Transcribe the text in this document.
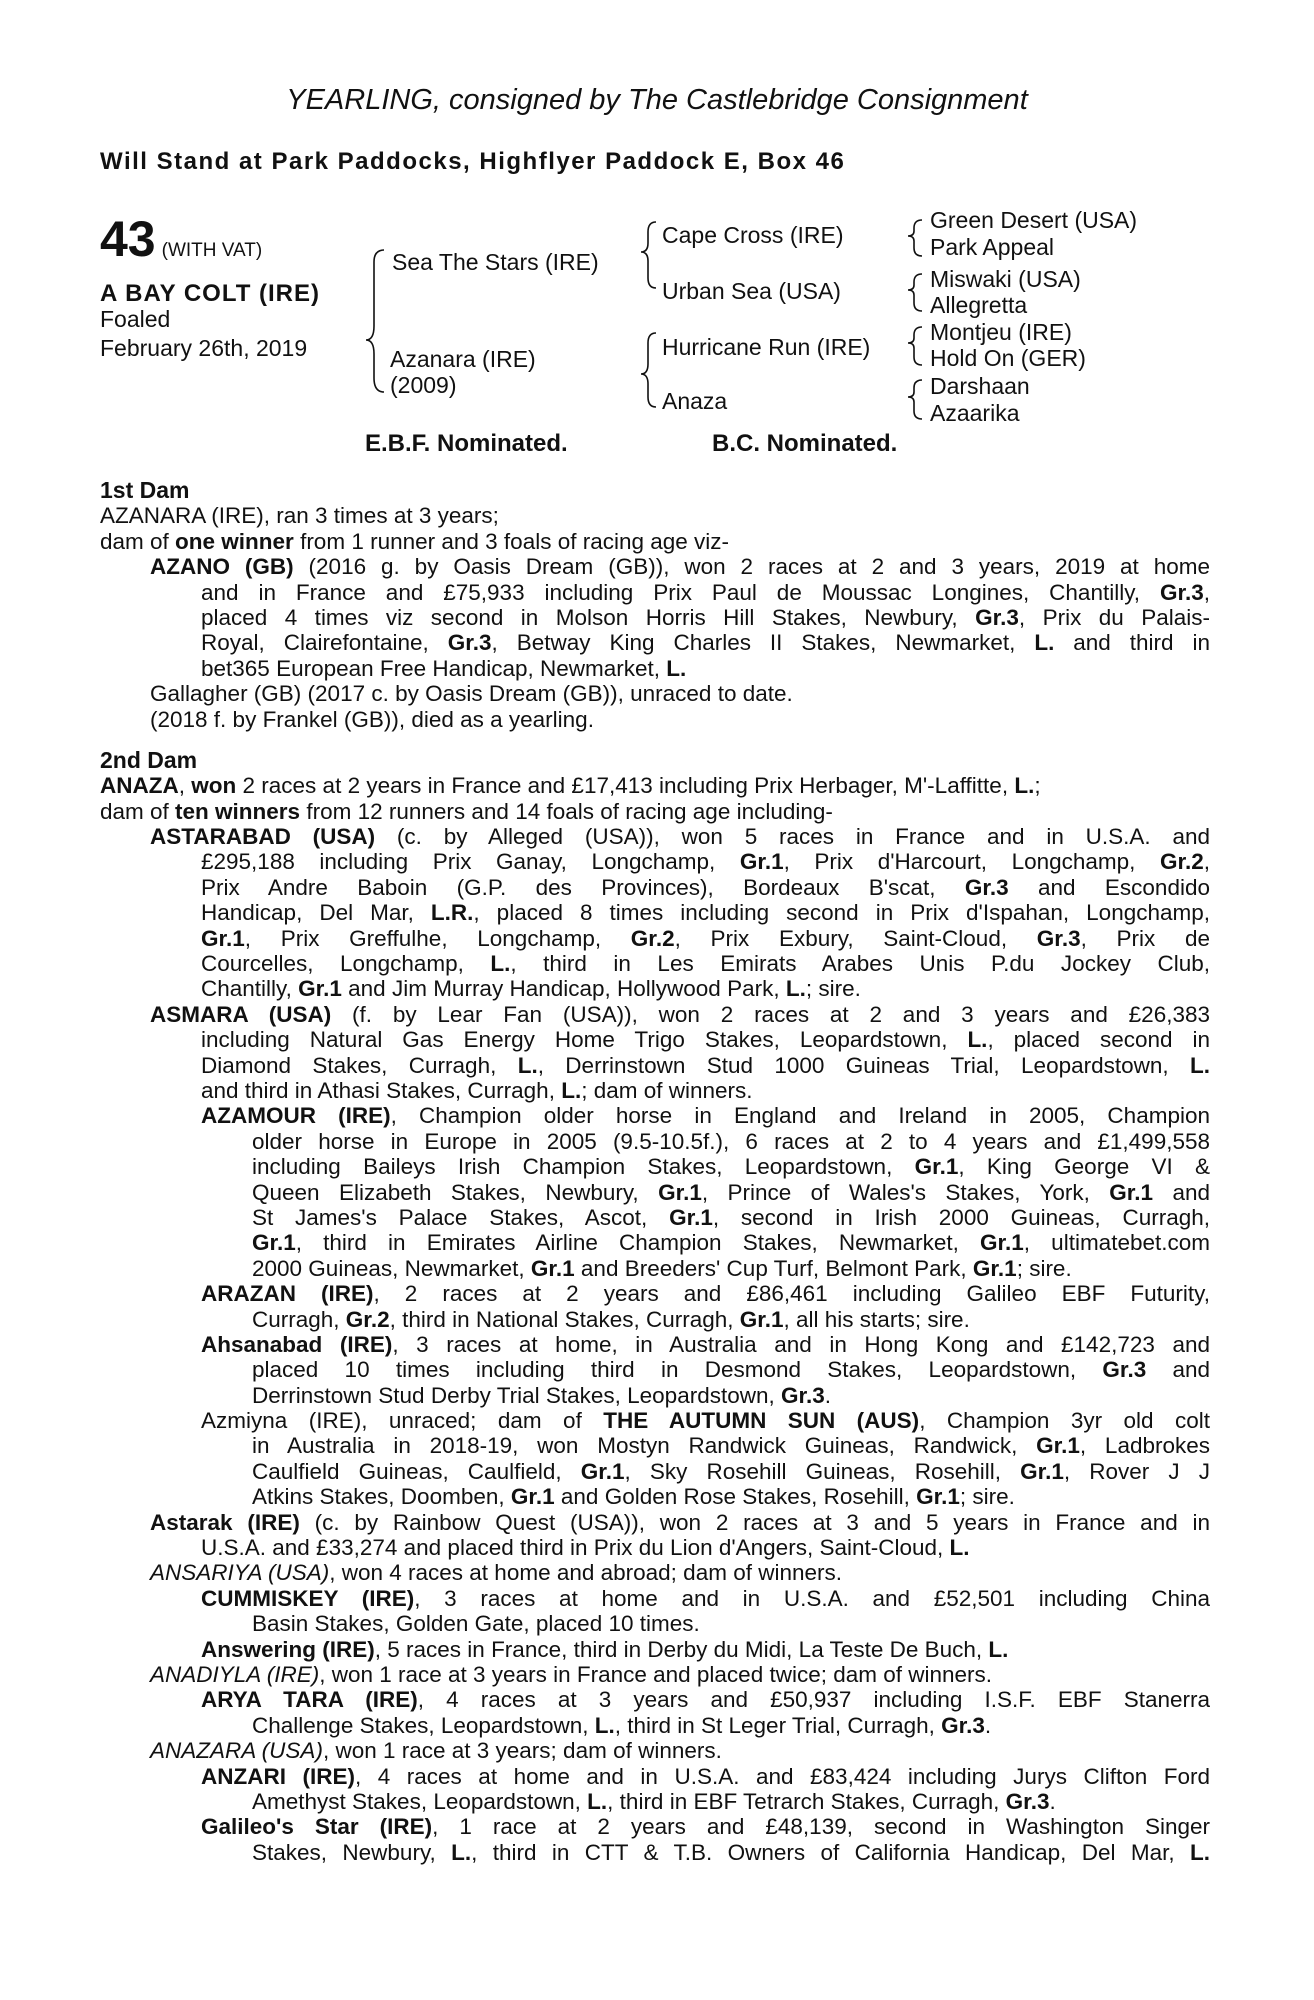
YEARLING, consigned by The Castlebridge Consignment
Will Stand at Park Paddocks, Highflyer Paddock E, Box 46
43 (WITH VAT)
A BAY COLT (IRE)
Foaled
February 26th, 2019
Sea The Stars (IRE)
Azanara (IRE)
(2009)
Cape Cross (IRE)
Urban Sea (USA)
Hurricane Run (IRE)
Anaza
Green Desert (USA)
Park Appeal
Miswaki (USA)
Allegretta
Montjeu (IRE)
Hold On (GER)
Darshaan
Azaarika
E.B.F. Nominated.	B.C. Nominated.
1st Dam
AZANARA (IRE), ran 3 times at 3 years;
dam of one winner from 1 runner and 3 foals of racing age viz-
AZANO (GB) (2016 g. by Oasis Dream (GB)), won 2 races at 2 and 3 years, 2019 at home
and in France and £75,933 including Prix Paul de Moussac Longines, Chantilly, Gr.3,
placed 4 times viz second in Molson Horris Hill Stakes, Newbury, Gr.3, Prix du Palais-
Royal, Clairefontaine, Gr.3, Betway King Charles II Stakes, Newmarket, L. and third in
bet365 European Free Handicap, Newmarket, L.
Gallagher (GB) (2017 c. by Oasis Dream (GB)), unraced to date.
(2018 f. by Frankel (GB)), died as a yearling.
2nd Dam
ANAZA, won 2 races at 2 years in France and £17,413 including Prix Herbager, M'-Laffitte, L.;
dam of ten winners from 12 runners and 14 foals of racing age including-
ASTARABAD (USA) (c. by Alleged (USA)), won 5 races in France and in U.S.A. and
£295,188 including Prix Ganay, Longchamp, Gr.1, Prix d'Harcourt, Longchamp, Gr.2,
Prix Andre Baboin (G.P. des Provinces), Bordeaux B'scat, Gr.3 and Escondido
Handicap, Del Mar, L.R., placed 8 times including second in Prix d'Ispahan, Longchamp,
Gr.1, Prix Greffulhe, Longchamp, Gr.2, Prix Exbury, Saint-Cloud, Gr.3, Prix de
Courcelles, Longchamp, L., third in Les Emirats Arabes Unis P.du Jockey Club,
Chantilly, Gr.1 and Jim Murray Handicap, Hollywood Park, L.; sire.
ASMARA (USA) (f. by Lear Fan (USA)), won 2 races at 2 and 3 years and £26,383
including Natural Gas Energy Home Trigo Stakes, Leopardstown, L., placed second in
Diamond Stakes, Curragh, L., Derrinstown Stud 1000 Guineas Trial, Leopardstown, L.
and third in Athasi Stakes, Curragh, L.; dam of winners.
AZAMOUR (IRE), Champion older horse in England and Ireland in 2005, Champion
older horse in Europe in 2005 (9.5-10.5f.), 6 races at 2 to 4 years and £1,499,558
including Baileys Irish Champion Stakes, Leopardstown, Gr.1, King George VI &
Queen Elizabeth Stakes, Newbury, Gr.1, Prince of Wales's Stakes, York, Gr.1 and
St James's Palace Stakes, Ascot, Gr.1, second in Irish 2000 Guineas, Curragh,
Gr.1, third in Emirates Airline Champion Stakes, Newmarket, Gr.1, ultimatebet.com
2000 Guineas, Newmarket, Gr.1 and Breeders' Cup Turf, Belmont Park, Gr.1; sire.
ARAZAN (IRE), 2 races at 2 years and £86,461 including Galileo EBF Futurity,
Curragh, Gr.2, third in National Stakes, Curragh, Gr.1, all his starts; sire.
Ahsanabad (IRE), 3 races at home, in Australia and in Hong Kong and £142,723 and
placed 10 times including third in Desmond Stakes, Leopardstown, Gr.3 and
Derrinstown Stud Derby Trial Stakes, Leopardstown, Gr.3.
Azmiyna (IRE), unraced; dam of THE AUTUMN SUN (AUS), Champion 3yr old colt
in Australia in 2018-19, won Mostyn Randwick Guineas, Randwick, Gr.1, Ladbrokes
Caulfield Guineas, Caulfield, Gr.1, Sky Rosehill Guineas, Rosehill, Gr.1, Rover J J
Atkins Stakes, Doomben, Gr.1 and Golden Rose Stakes, Rosehill, Gr.1; sire.
Astarak (IRE) (c. by Rainbow Quest (USA)), won 2 races at 3 and 5 years in France and in
U.S.A. and £33,274 and placed third in Prix du Lion d'Angers, Saint-Cloud, L.
ANSARIYA (USA), won 4 races at home and abroad; dam of winners.
CUMMISKEY (IRE), 3 races at home and in U.S.A. and £52,501 including China
Basin Stakes, Golden Gate, placed 10 times.
Answering (IRE), 5 races in France, third in Derby du Midi, La Teste De Buch, L.
ANADIYLA (IRE), won 1 race at 3 years in France and placed twice; dam of winners.
ARYA TARA (IRE), 4 races at 3 years and £50,937 including I.S.F. EBF Stanerra
Challenge Stakes, Leopardstown, L., third in St Leger Trial, Curragh, Gr.3.
ANAZARA (USA), won 1 race at 3 years; dam of winners.
ANZARI (IRE), 4 races at home and in U.S.A. and £83,424 including Jurys Clifton Ford
Amethyst Stakes, Leopardstown, L., third in EBF Tetrarch Stakes, Curragh, Gr.3.
Galileo's Star (IRE), 1 race at 2 years and £48,139, second in Washington Singer
Stakes, Newbury, L., third in CTT & T.B. Owners of California Handicap, Del Mar, L.
